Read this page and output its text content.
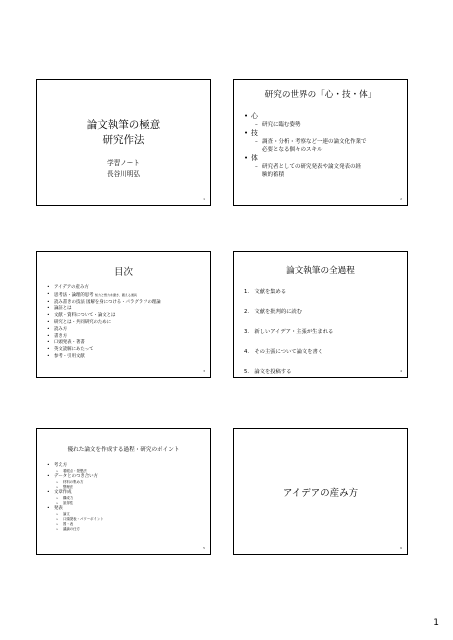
論文執筆の極意
研究作法
学習ノート
長谷川明弘
1
研究の世界の「心・技・体」
• 心
– 研究に臨む姿勢
• 技
– 調査・分析・考察など一連の論文化作業で
必要となる個々のスキル
• 体
– 研究者としての研究発表や論文発表の経
験的蓄積
2
目次
• アイデアの産み方
• 思考法・論理的思考 知力と想力を磨き、鍛える道具
• 読み書きの技法 図解を身につける・パラグラフの理論
• 論証とは
• 文献・資料について・論文とは
• 研究とは・共同研究のために
• 読み方
• 書き方
• 口頭発表・著書
• 英文読解にあたって
• 参考・引用文献
3
論文執筆の全過程
1.　文献を集める
2.　文献を批判的に読む
3.　新しいアイデア・主張が生まれる
4.　その主張について論文を書く
5.　論文を投稿する	4
優れた論文を作成する過程・研究のポイント
• 考え方
➢ 着眼点・発想法
• データとのつき合い方
➢ 材料の集め方
➢ 整理法
• 文章作成
➢ 構成力
➢ 説得性
• 発表
➢ 論文
➢ 口頭発表・パワーポイント
➢ 図・表
➢ 議論の仕方
5
アイデアの産み方
6
1
